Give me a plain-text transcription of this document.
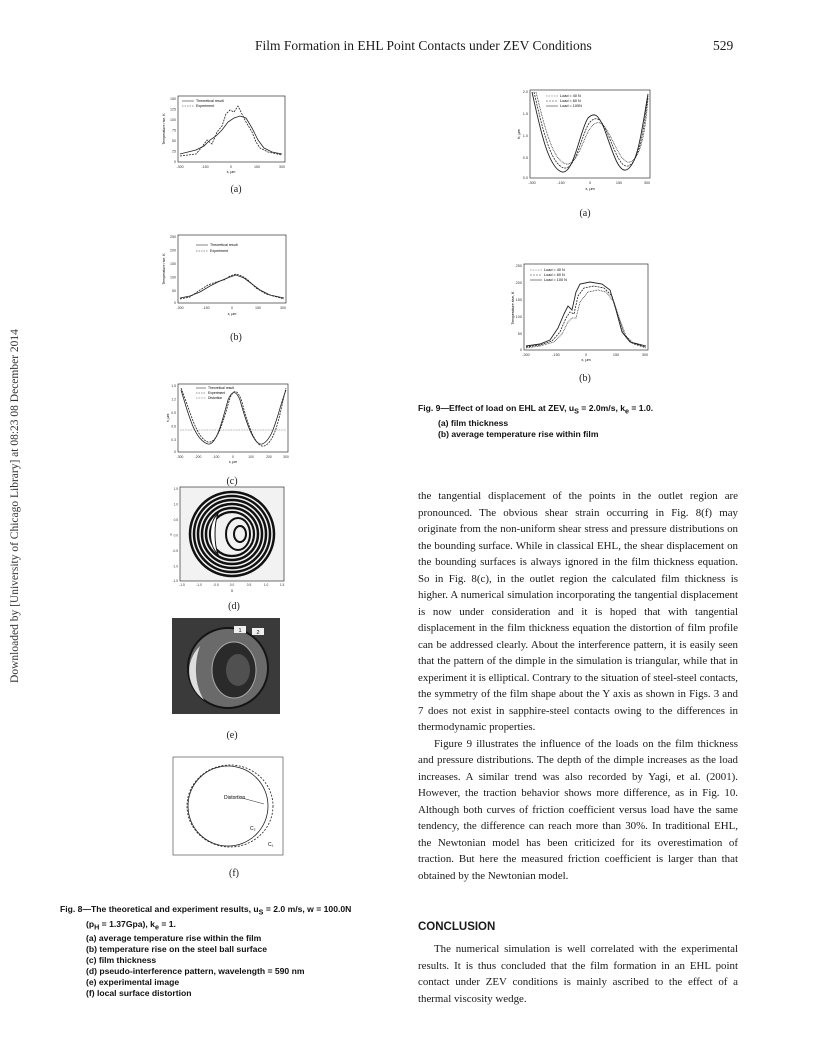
Downloaded by [University of Chicago Library] at 08:23 08 December 2014
Film Formation in EHL Point Contacts under ZEV Conditions	529
150
125
100
75
50
25
0
-300	-150	0	150	300
x, μm
Temperature rise, K
Theoretical result
Experiment
(a)
250
200
150
100
50
0
-300	-150	0	150	300
x, μm
Temperature rise, K
Theoretical result
Experiment
(b)
1.5
1.2
0.9
0.6
0.3
0
-300	-200	-100	0	100	200	300
x, μm
h, μm
Theoretical result
Experiment
Distortion
(c)
1.5
1.0
0.5
0.0
-0.5
-1.0
-1.5
-1.5	-1.0	-0.5	0.0	0.5	1.0	1.5
X
Y
(d)
1	2
(e)
Distortion
C₂
C₁
(f)
Fig. 8—The theoretical and experiment results, $u_S = 2.0$ m/s, w = 100.0N
$(p_H = 1.37Gpa)$, $k_e = 1$.
(a) average temperature rise within the film
(b) temperature rise on the steel ball surface
(c) film thickness
(d) pseudo-interference pattern, wavelength = 590 nm
(e) experimental image
(f) local surface distortion
2.0
1.5
1.0
0.5
0.0
-300	-150	0	150	300
x, μm
h, μm
Load = 40 N
Load = 60 N
Load = 100N
(a)
250
200
150
100
50
0
-300	-150	0	150	300
x, μm
Temperature rise, K
Load = 40 N
Load = 60 N
Load = 100 N
(b)
Fig. 9—Effect of load on EHL at ZEV, $u_S = 2.0m/s$, $k_e = 1.0$.
(a) film thickness
(b) average temperature rise within film

the tangential displacement of the points in the outlet region are pronounced. The obvious shear strain occurring in Fig. 8(f) may originate from the non-uniform shear stress and pressure distributions on the bounding surface. While in classical EHL, the shear displacement on the bounding surfaces is always ignored in the film thickness equation. So in Fig. 8(c), in the outlet region the calculated film thickness is higher. A numerical simulation incorporating the tangential displacement is now under consideration and it is hoped that with tangential displacement in the film thickness equation the distortion of film profile can be addressed clearly. About the interference pattern, it is easily seen that the pattern of the dimple in the simulation is triangular, while that in experiment it is elliptical. Contrary to the situation of steel-steel contacts, the symmetry of the film shape about the Y axis as shown in Figs. 3 and 7 does not exist in sapphire-steel contacts owing to the differences in thermodynamic properties.

Figure 9 illustrates the influence of the loads on the film thickness and pressure distributions. The depth of the dimple increases as the load increases. A similar trend was also recorded by Yagi, et al. (2001). However, the traction behavior shows more difference, as in Fig. 10. Although both curves of friction coefficient versus load have the same tendency, the difference can reach more than 30%. In traditional EHL, the Newtonian model has been criticized for its overestimation of traction. But here the measured friction coefficient is larger than that obtained by the Newtonian model.

CONCLUSION

The numerical simulation is well correlated with the experimental results. It is thus concluded that the film formation in an EHL point contact under ZEV conditions is mainly ascribed to the effect of a thermal viscosity wedge.
